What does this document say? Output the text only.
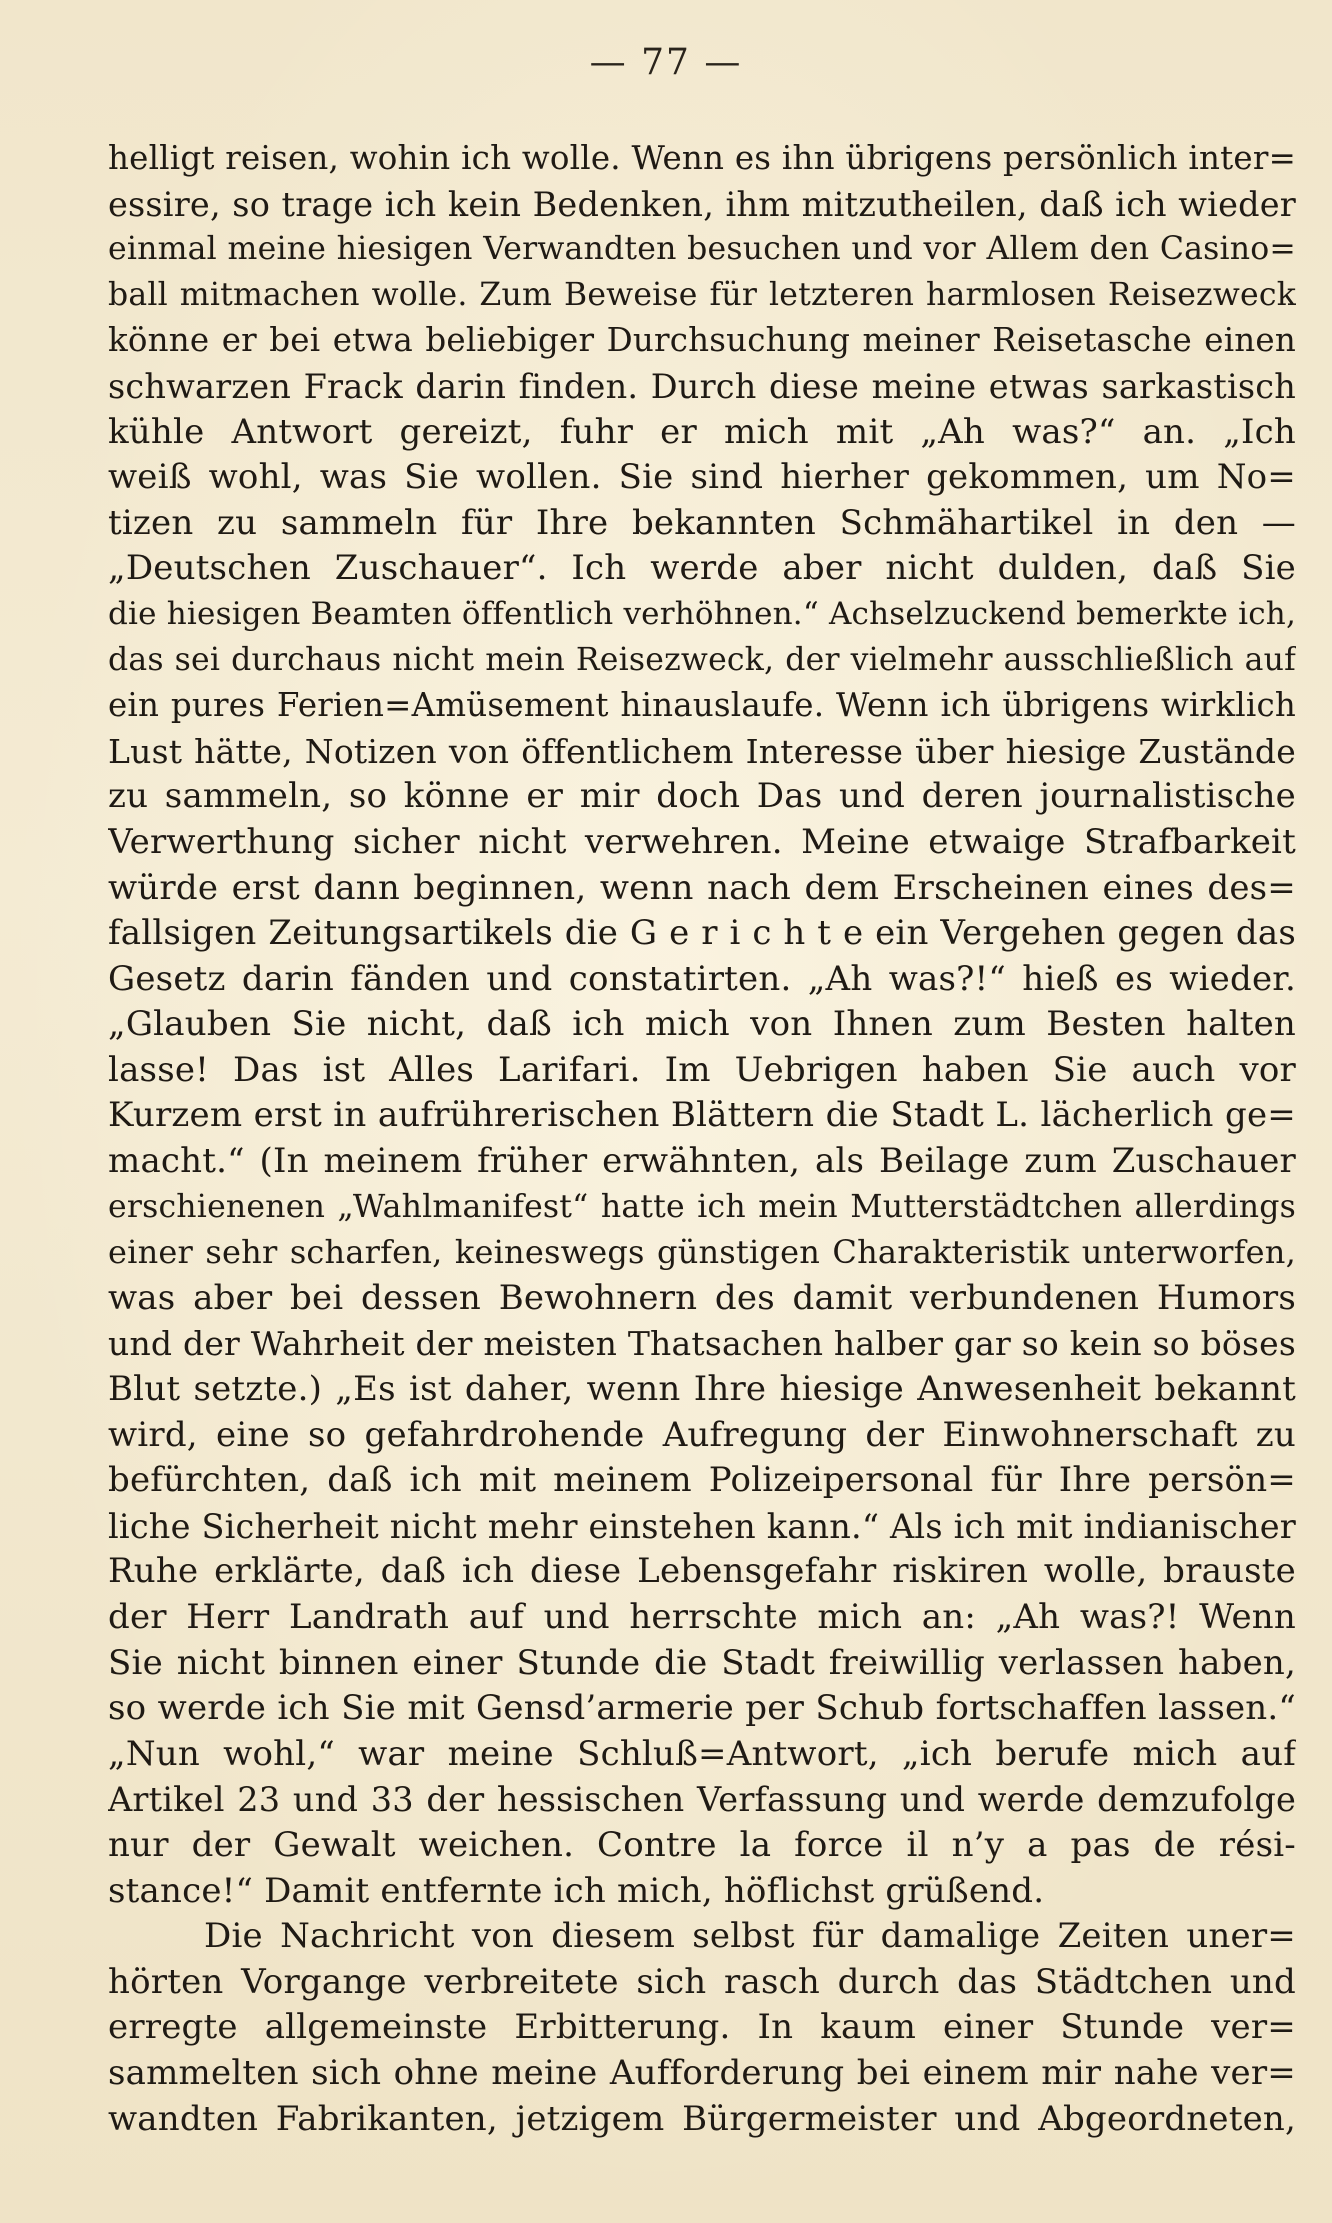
— 77 —
helligt reisen, wohin ich wolle. Wenn es ihn übrigens persönlich inter=
essire, so trage ich kein Bedenken, ihm mitzutheilen, daß ich wieder
einmal meine hiesigen Verwandten besuchen und vor Allem den Casino=
ball mitmachen wolle. Zum Beweise für letzteren harmlosen Reisezweck
könne er bei etwa beliebiger Durchsuchung meiner Reisetasche einen
schwarzen Frack darin finden. Durch diese meine etwas sarkastisch
kühle Antwort gereizt, fuhr er mich mit „Ah was?“ an. „Ich
weiß wohl, was Sie wollen. Sie sind hierher gekommen, um No=
tizen zu sammeln für Ihre bekannten Schmähartikel in den —
„Deutschen Zuschauer“. Ich werde aber nicht dulden, daß Sie
die hiesigen Beamten öffentlich verhöhnen.“ Achselzuckend bemerkte ich,
das sei durchaus nicht mein Reisezweck, der vielmehr ausschließlich auf
ein pures Ferien=Amüsement hinauslaufe. Wenn ich übrigens wirklich
Lust hätte, Notizen von öffentlichem Interesse über hiesige Zustände
zu sammeln, so könne er mir doch Das und deren journalistische
Verwerthung sicher nicht verwehren. Meine etwaige Strafbarkeit
würde erst dann beginnen, wenn nach dem Erscheinen eines des=
fallsigen Zeitungsartikels die G e r i c h t e ein Vergehen gegen das
Gesetz darin fänden und constatirten. „Ah was?!“ hieß es wieder.
„Glauben Sie nicht, daß ich mich von Ihnen zum Besten halten
lasse! Das ist Alles Larifari. Im Uebrigen haben Sie auch vor
Kurzem erst in aufrührerischen Blättern die Stadt L. lächerlich ge=
macht.“ (In meinem früher erwähnten, als Beilage zum Zuschauer
erschienenen „Wahlmanifest“ hatte ich mein Mutterstädtchen allerdings
einer sehr scharfen, keineswegs günstigen Charakteristik unterworfen,
was aber bei dessen Bewohnern des damit verbundenen Humors
und der Wahrheit der meisten Thatsachen halber gar so kein so böses
Blut setzte.) „Es ist daher, wenn Ihre hiesige Anwesenheit bekannt
wird, eine so gefahrdrohende Aufregung der Einwohnerschaft zu
befürchten, daß ich mit meinem Polizeipersonal für Ihre persön=
liche Sicherheit nicht mehr einstehen kann.“ Als ich mit indianischer
Ruhe erklärte, daß ich diese Lebensgefahr riskiren wolle, brauste
der Herr Landrath auf und herrschte mich an: „Ah was?! Wenn
Sie nicht binnen einer Stunde die Stadt freiwillig verlassen haben,
so werde ich Sie mit Gensd’armerie per Schub fortschaffen lassen.“
„Nun wohl,“ war meine Schluß=Antwort, „ich berufe mich auf
Artikel 23 und 33 der hessischen Verfassung und werde demzufolge
nur der Gewalt weichen. Contre la force il n’y a pas de rési-
stance!“ Damit entfernte ich mich, höflichst grüßend.
Die Nachricht von diesem selbst für damalige Zeiten uner=
hörten Vorgange verbreitete sich rasch durch das Städtchen und
erregte allgemeinste Erbitterung. In kaum einer Stunde ver=
sammelten sich ohne meine Aufforderung bei einem mir nahe ver=
wandten Fabrikanten, jetzigem Bürgermeister und Abgeordneten,
